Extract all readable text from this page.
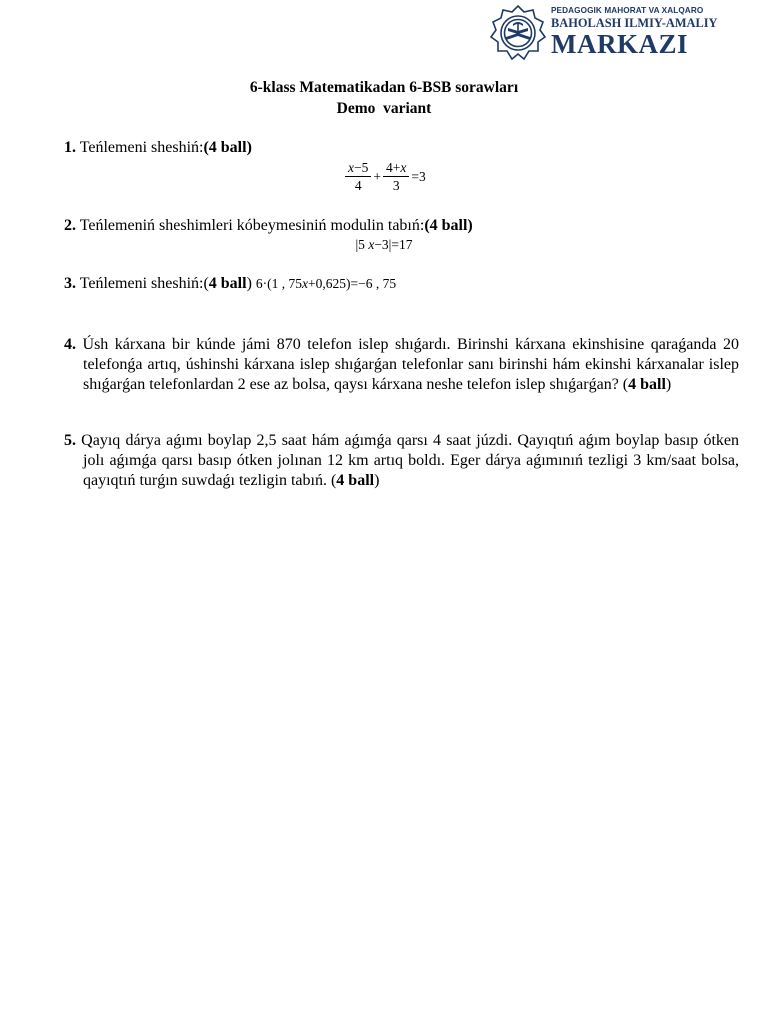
PEDAGOGIK MAHORAT VA XALQARO
BAHOLASH ILMIY-AMALIY
MARKAZI
6-klass Matematikadan 6-BSB sorawları
Demo  variant
1. Teńlemeni sheshiń:(4 ball)
$\frac{x-5}{4} + \frac{4+x}{3} =3$
2. Teńlemeniń sheshimleri kóbeymesiniń modulin tabıń:(4 ball)
|5 x−3|=17
3. Teńlemeni sheshiń:(4 ball) 6·(1 , 75x+0,625)=−6 , 75
4. Úsh kárxana bir kúnde jámi 870 telefon islep shıǵardı. Birinshi kárxana ekinshisine qaraǵanda 20 telefonǵa artıq, úshinshi kárxana islep shıǵarǵan telefonlar sanı birinshi hám ekinshi kárxanalar islep shıǵarǵan telefonlardan 2 ese az bolsa, qaysı kárxana neshe telefon islep shıǵarǵan? (4 ball)
5. Qayıq dárya aǵımı boylap 2,5 saat hám aǵımǵa qarsı 4 saat júzdi. Qayıqtıń aǵım boylap basıp ótken jolı aǵımǵa qarsı basıp ótken jolınan 12 km artıq boldı. Eger dárya aǵımınıń tezligi 3 km/saat bolsa, qayıqtıń turǵın suwdaǵı tezligin tabıń. (4 ball)
